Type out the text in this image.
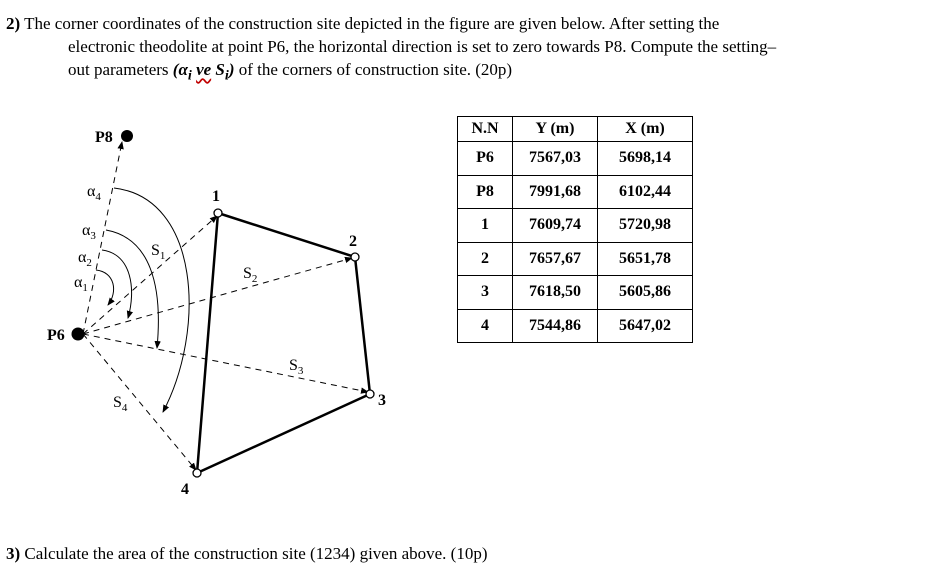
2) The corner coordinates of the construction site depicted in the figure are given below. After setting the
electronic theodolite at point P6, the horizontal direction is set to zero towards P8. Compute the setting–
out parameters ($\alpha_i$ ve $S_i$) of the corners of construction site. (20p)
N.N	Y (m)	X (m)
P6	7567,03	5698,14
P8	7991,68	6102,44
1	7609,74	5720,98
2	7657,67	5651,78
3	7618,50	5605,86
4	7544,86	5647,02
P8
P6
1
2
3
4
$\alpha_4$
$\alpha_3$
$\alpha_2$
$\alpha_1$
$S_1$
$S_2$
$S_3$
$S_4$
3) Calculate the area of the construction site (1234) given above. (10p)
